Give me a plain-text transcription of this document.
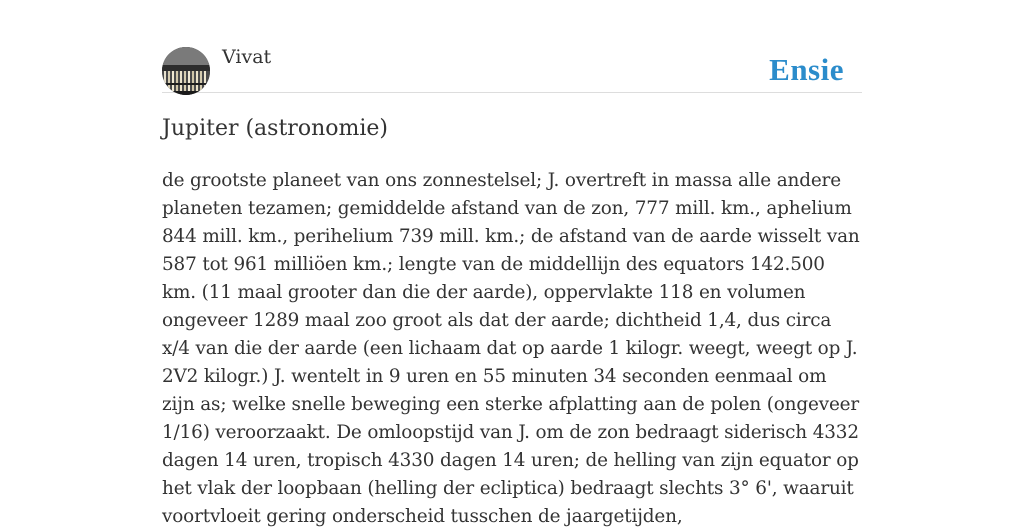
Vivat	Ensie
Jupiter (astronomie)

de grootste planeet van ons zonnestelsel; J. overtreft in massa alle andere planeten tezamen; gemiddelde afstand van de zon, 777 mill. km., aphelium 844 mill. km., perihelium 739 mill. km.; de afstand van de aarde wisselt van 587 tot 961 milliöen km.; lengte van de middellijn des equators 142.500 km. (11 maal grooter dan die der aarde), oppervlakte 118 en volumen ongeveer 1289 maal zoo groot als dat der aarde; dichtheid 1,4, dus circa x/4 van die der aarde (een lichaam dat op aarde 1 kilogr. weegt, weegt op J. 2V2 kilogr.) J. wentelt in 9 uren en 55 minuten 34 seconden eenmaal om zijn as; welke snelle beweging een sterke afplatting aan de polen (ongeveer 1/16) veroorzaakt. De omloopstijd van J. om de zon bedraagt siderisch 4332 dagen 14 uren, tropisch 4330 dagen 14 uren; de helling van zijn equator op het vlak der loopbaan (helling der ecliptica) bedraagt slechts 3° 6', waaruit voortvloeit gering onderscheid tusschen de jaargetijden,
